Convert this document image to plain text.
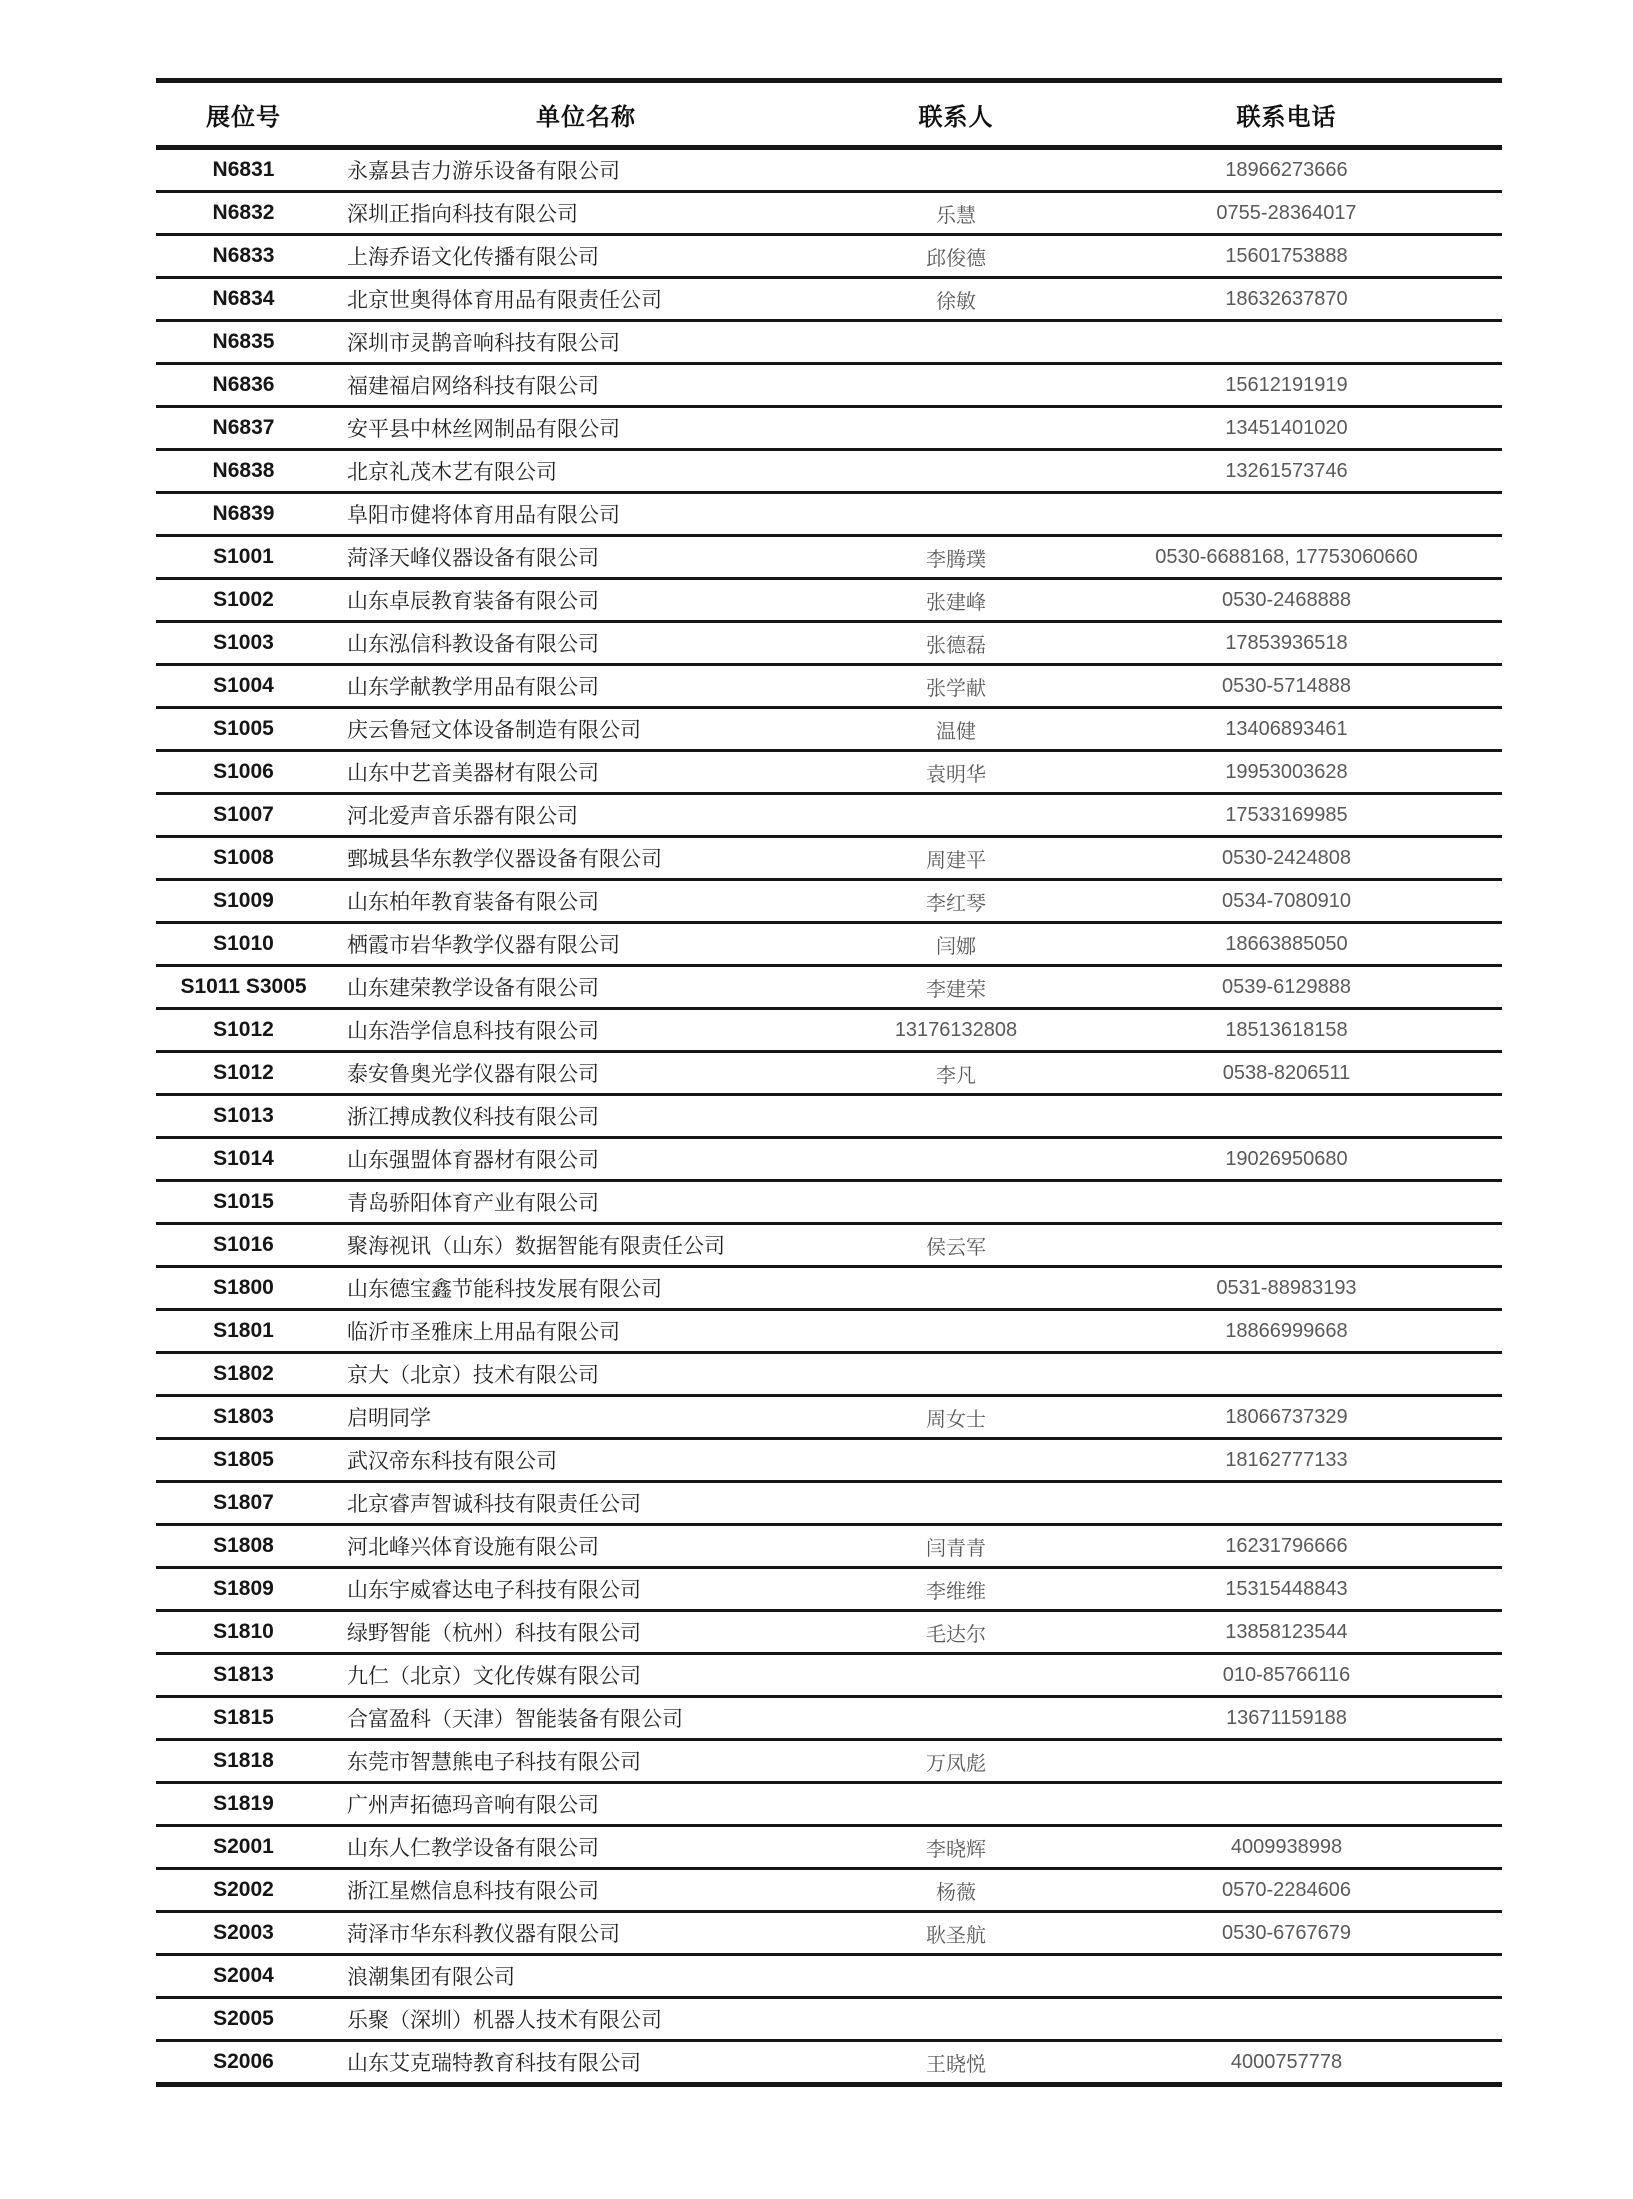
展位号	单位名称	联系人	联系电话
N6831	永嘉县吉力游乐设备有限公司		18966273666
N6832	深圳正指向科技有限公司	乐慧	0755-28364017
N6833	上海乔语文化传播有限公司	邱俊德	15601753888
N6834	北京世奥得体育用品有限责任公司	徐敏	18632637870
N6835	深圳市灵鹊音响科技有限公司		
N6836	福建福启网络科技有限公司		15612191919
N6837	安平县中林丝网制品有限公司		13451401020
N6838	北京礼茂木艺有限公司		13261573746
N6839	阜阳市健将体育用品有限公司		
S1001	菏泽天峰仪器设备有限公司	李腾璞	0530-6688168, 17753060660
S1002	山东卓辰教育装备有限公司	张建峰	0530-2468888
S1003	山东泓信科教设备有限公司	张德磊	17853936518
S1004	山东学献教学用品有限公司	张学献	0530-5714888
S1005	庆云鲁冠文体设备制造有限公司	温健	13406893461
S1006	山东中艺音美器材有限公司	袁明华	19953003628
S1007	河北爱声音乐器有限公司		17533169985
S1008	鄄城县华东教学仪器设备有限公司	周建平	0530-2424808
S1009	山东柏年教育装备有限公司	李红琴	0534-7080910
S1010	栖霞市岩华教学仪器有限公司	闫娜	18663885050
S1011 S3005	山东建荣教学设备有限公司	李建荣	0539-6129888
S1012	山东浩学信息科技有限公司	13176132808	18513618158
S1012	泰安鲁奥光学仪器有限公司	李凡	0538-8206511
S1013	浙江搏成教仪科技有限公司		
S1014	山东强盟体育器材有限公司		19026950680
S1015	青岛骄阳体育产业有限公司		
S1016	聚海视讯（山东）数据智能有限责任公司	侯云军	
S1800	山东德宝鑫节能科技发展有限公司		0531-88983193
S1801	临沂市圣雅床上用品有限公司		18866999668
S1802	京大（北京）技术有限公司		
S1803	启明同学	周女士	18066737329
S1805	武汉帝东科技有限公司		18162777133
S1807	北京睿声智诚科技有限责任公司		
S1808	河北峰兴体育设施有限公司	闫青青	16231796666
S1809	山东宇威睿达电子科技有限公司	李维维	15315448843
S1810	绿野智能（杭州）科技有限公司	毛达尔	13858123544
S1813	九仁（北京）文化传媒有限公司		010-85766116
S1815	合富盈科（天津）智能装备有限公司		13671159188
S1818	东莞市智慧熊电子科技有限公司	万凤彪	
S1819	广州声拓德玛音响有限公司		
S2001	山东人仁教学设备有限公司	李晓辉	4009938998
S2002	浙江星燃信息科技有限公司	杨薇	0570-2284606
S2003	菏泽市华东科教仪器有限公司	耿圣航	0530-6767679
S2004	浪潮集团有限公司		
S2005	乐聚（深圳）机器人技术有限公司		
S2006	山东艾克瑞特教育科技有限公司	王晓悦	4000757778
